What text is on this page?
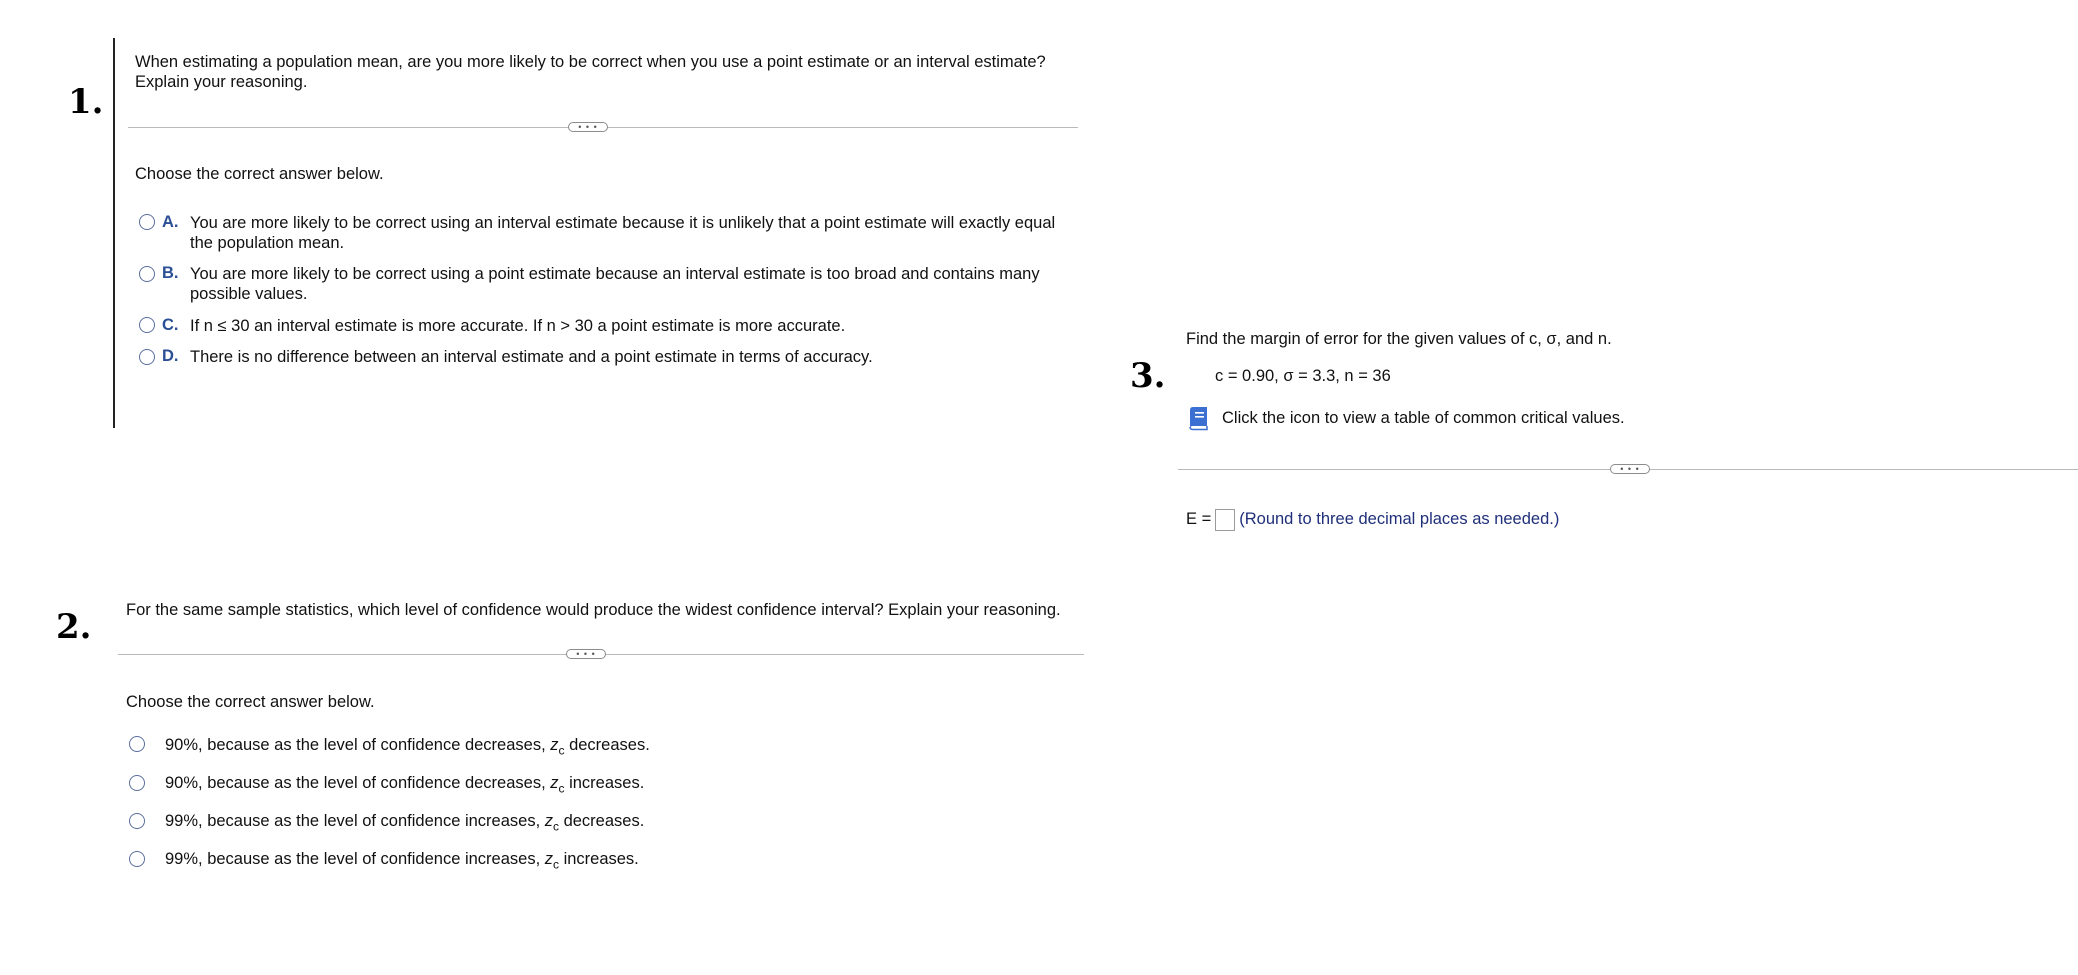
1.
When estimating a population mean, are you more likely to be correct when you use a point estimate or an interval estimate?
Explain your reasoning.
• • •
Choose the correct answer below.
A. You are more likely to be correct using an interval estimate because it is unlikely that a point estimate will exactly equal
the population mean.
B. You are more likely to be correct using a point estimate because an interval estimate is too broad and contains many
possible values.
C. If n ≤ 30 an interval estimate is more accurate. If n > 30 a point estimate is more accurate.
D. There is no difference between an interval estimate and a point estimate in terms of accuracy.
2. For the same sample statistics, which level of confidence would produce the widest confidence interval? Explain your reasoning.
• • •
Choose the correct answer below.
90%, because as the level of confidence decreases, $z_c$ decreases.
90%, because as the level of confidence decreases, $z_c$ increases.
99%, because as the level of confidence increases, $z_c$ decreases.
99%, because as the level of confidence increases, $z_c$ increases.
3.
Find the margin of error for the given values of c, σ, and n.
c = 0.90, σ = 3.3, n = 36
Click the icon to view a table of common critical values.
• • •
E = (Round to three decimal places as needed.)
